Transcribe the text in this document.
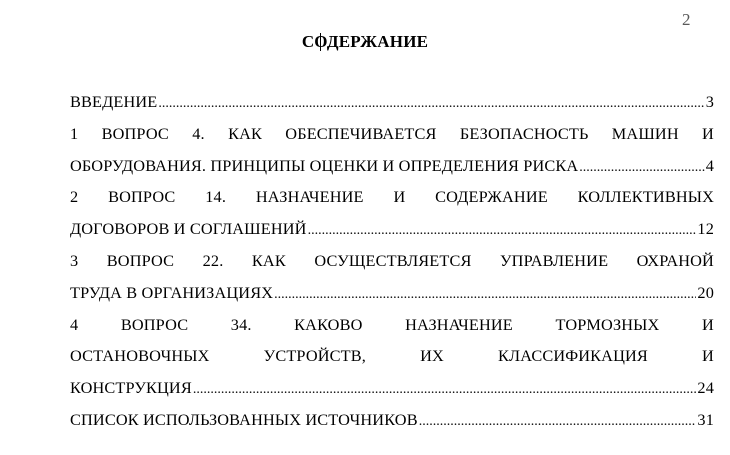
2
СОДЕРЖАНИЕ
ВВЕДЕНИЕ .....	3
1 ВОПРОС 4. КАК ОБЕСПЕЧИВАЕТСЯ БЕЗОПАСНОСТЬ МАШИН И
ОБОРУДОВАНИЯ. ПРИНЦИПЫ ОЦЕНКИ И ОПРЕДЕЛЕНИЯ РИСКА .....	4
2 ВОПРОС 14. НАЗНАЧЕНИЕ И СОДЕРЖАНИЕ КОЛЛЕКТИВНЫХ
ДОГОВОРОВ И СОГЛАШЕНИЙ .....	12
3 ВОПРОС 22. КАК ОСУЩЕСТВЛЯЕТСЯ УПРАВЛЕНИЕ ОХРАНОЙ
ТРУДА В ОРГАНИЗАЦИЯХ .....	20
4	ВОПРОС	34.	КАКОВО	НАЗНАЧЕНИЕ	ТОРМОЗНЫХ	И
ОСТАНОВОЧНЫХ	УСТРОЙСТВ,	ИХ	КЛАССИФИКАЦИЯ	И
КОНСТРУКЦИЯ .....	24
СПИСОК ИСПОЛЬЗОВАННЫХ ИСТОЧНИКОВ .....	31
